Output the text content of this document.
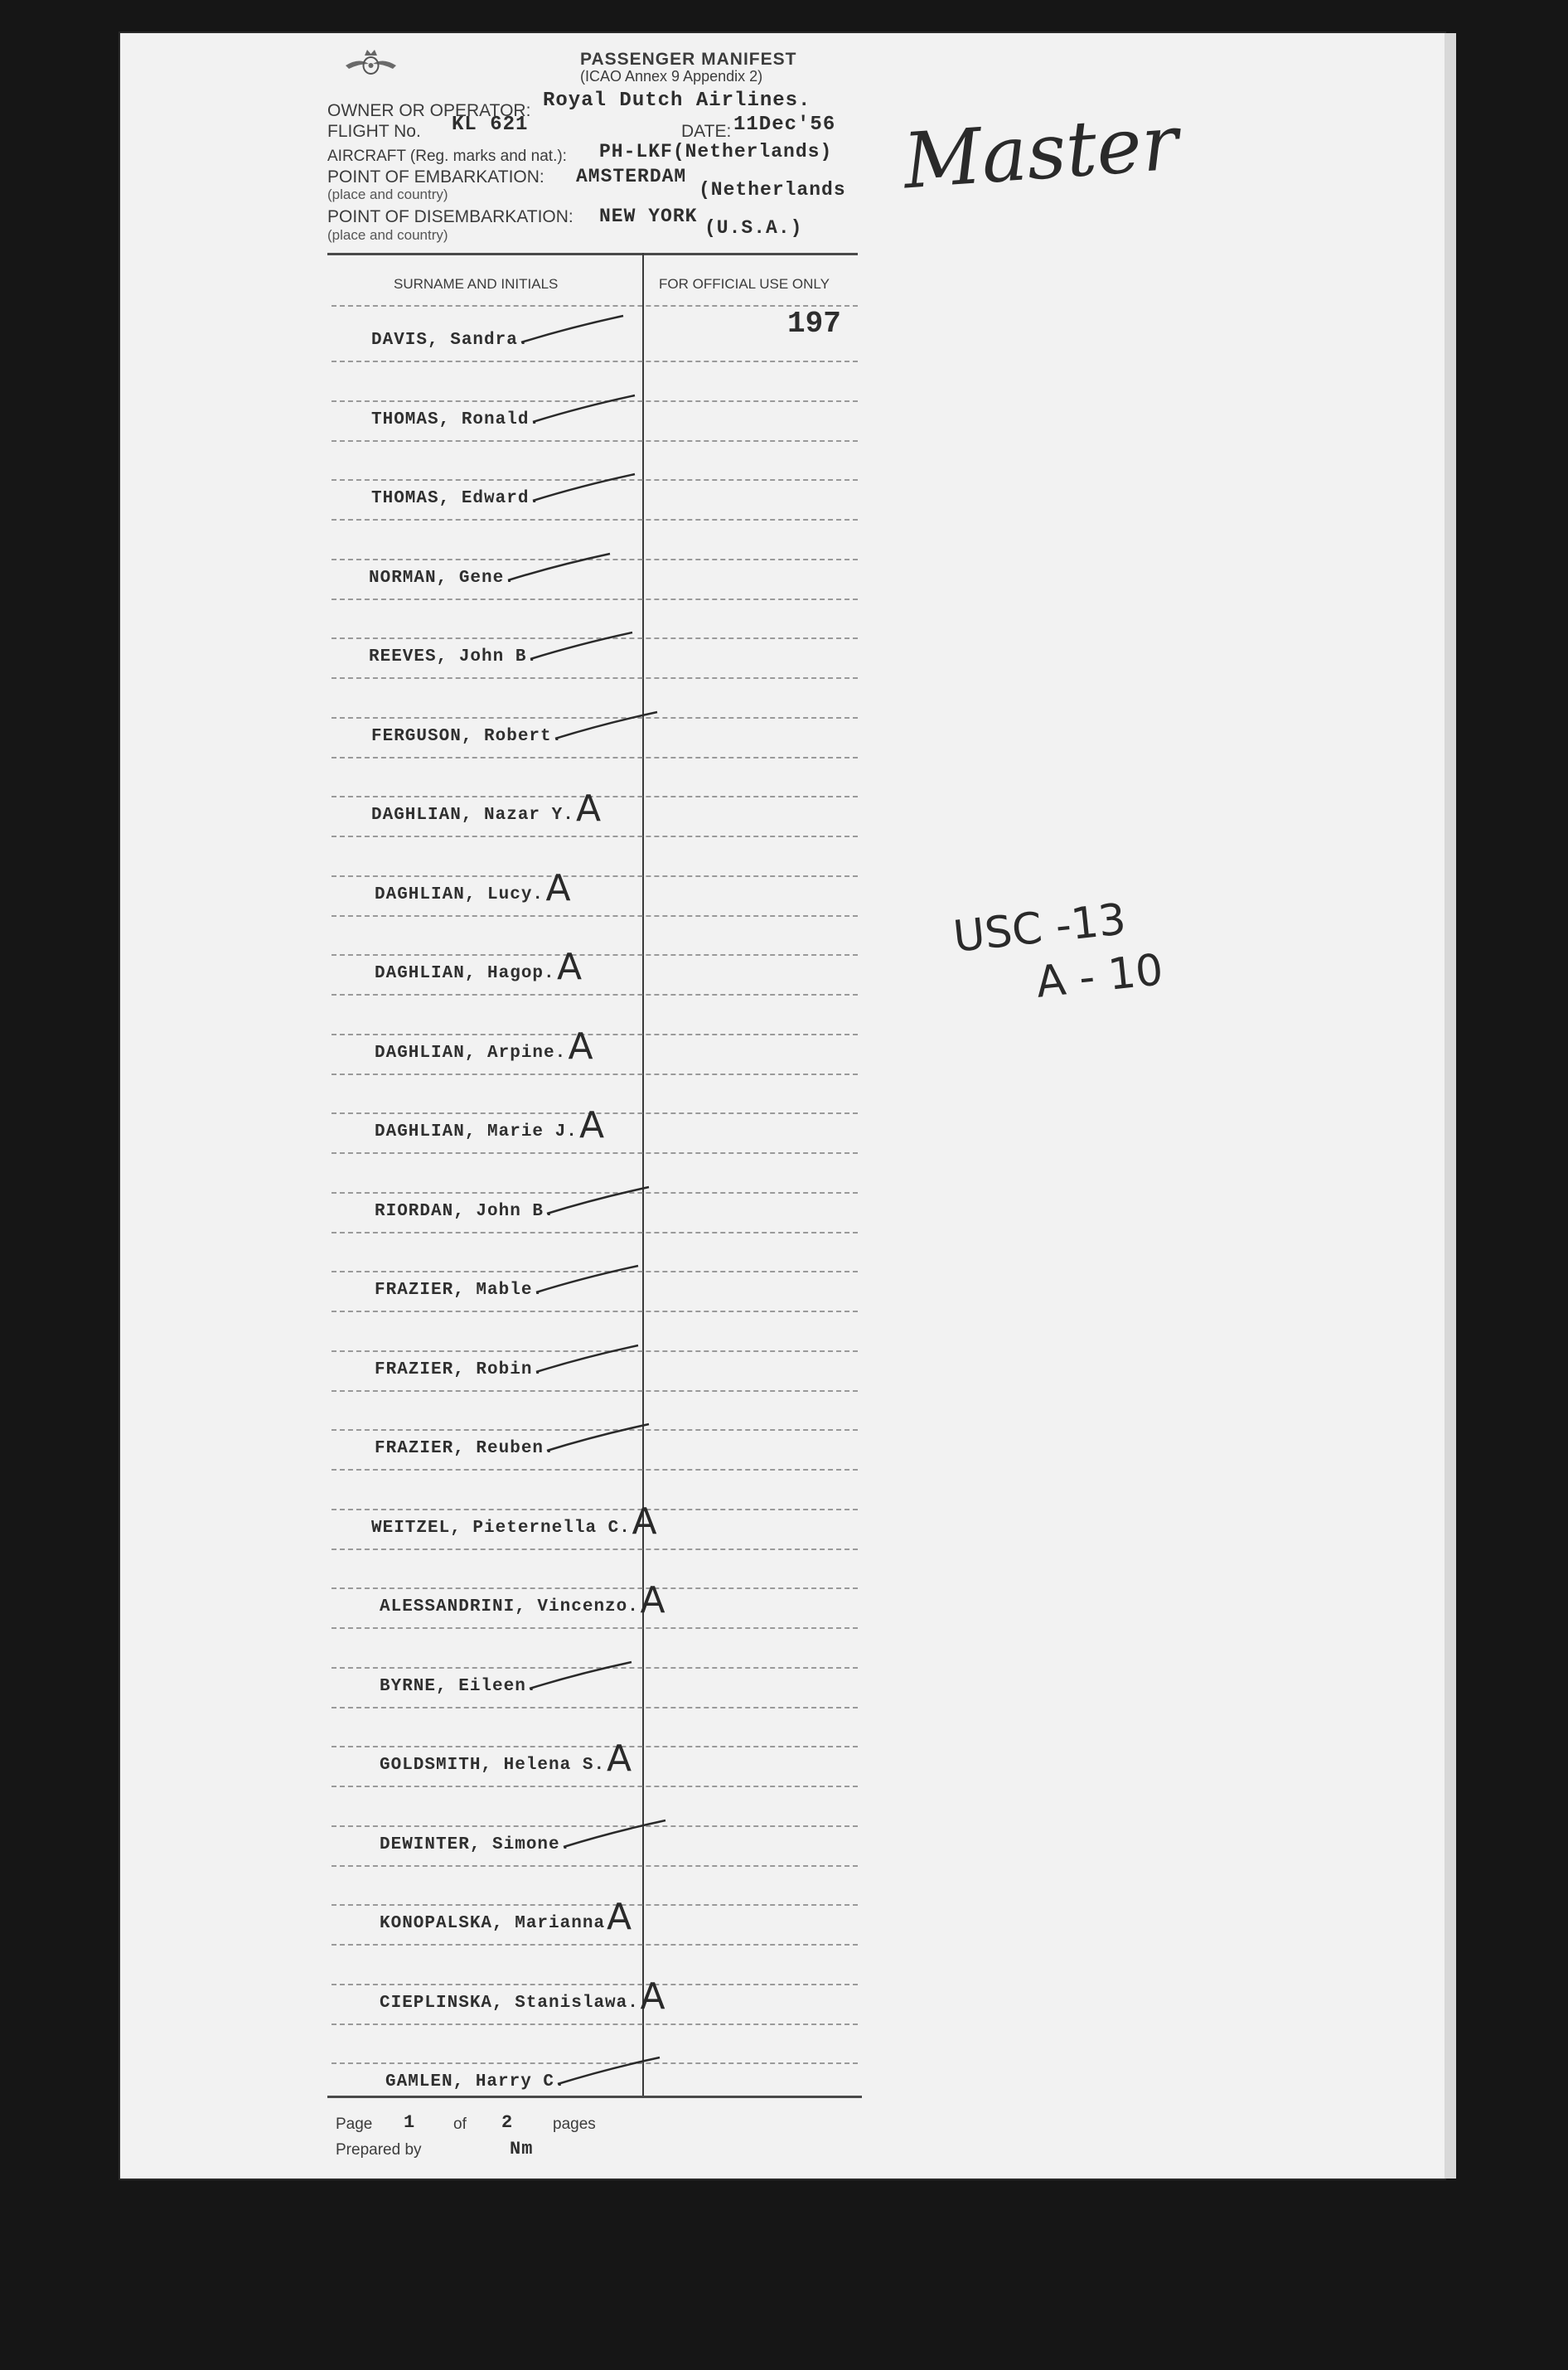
PASSENGER MANIFEST
(ICAO Annex 9 Appendix 2)
OWNER OR OPERATOR: Royal Dutch Airlines.
FLIGHT No. KL 621	DATE: 11Dec'56
AIRCRAFT (Reg. marks and nat.): PH-LKF(Netherlands)
POINT OF EMBARKATION:
(place and country)
AMSTERDAM
(Netherlands
POINT OF DISEMBARKATION:
(place and country)
NEW YORK
(U.S.A.)
SURNAME AND INITIALS	FOR OFFICIAL USE ONLY
197
DAVIS, Sandra.
THOMAS, Ronald.
THOMAS, Edward.
NORMAN, Gene.
REEVES, John B.
FERGUSON, Robert.
DAGHLIAN, Nazar Y. A
DAGHLIAN, Lucy. A
DAGHLIAN, Hagop. A
DAGHLIAN, Arpine. A
DAGHLIAN, Marie J. A
RIORDAN, John B.
FRAZIER, Mable.
FRAZIER, Robin.
FRAZIER, Reuben.
WEITZEL, Pieternella C. A
ALESSANDRINI, Vincenzo. A
BYRNE, Eileen.
GOLDSMITH, Helena S. A
DEWINTER, Simone.
KONOPALSKA, Marianna A
CIEPLINSKA, Stanislawa. A
GAMLEN, Harry C.
Page 1 of 2	pages
Prepared by	Nm
Master
USC -13
A - 10
